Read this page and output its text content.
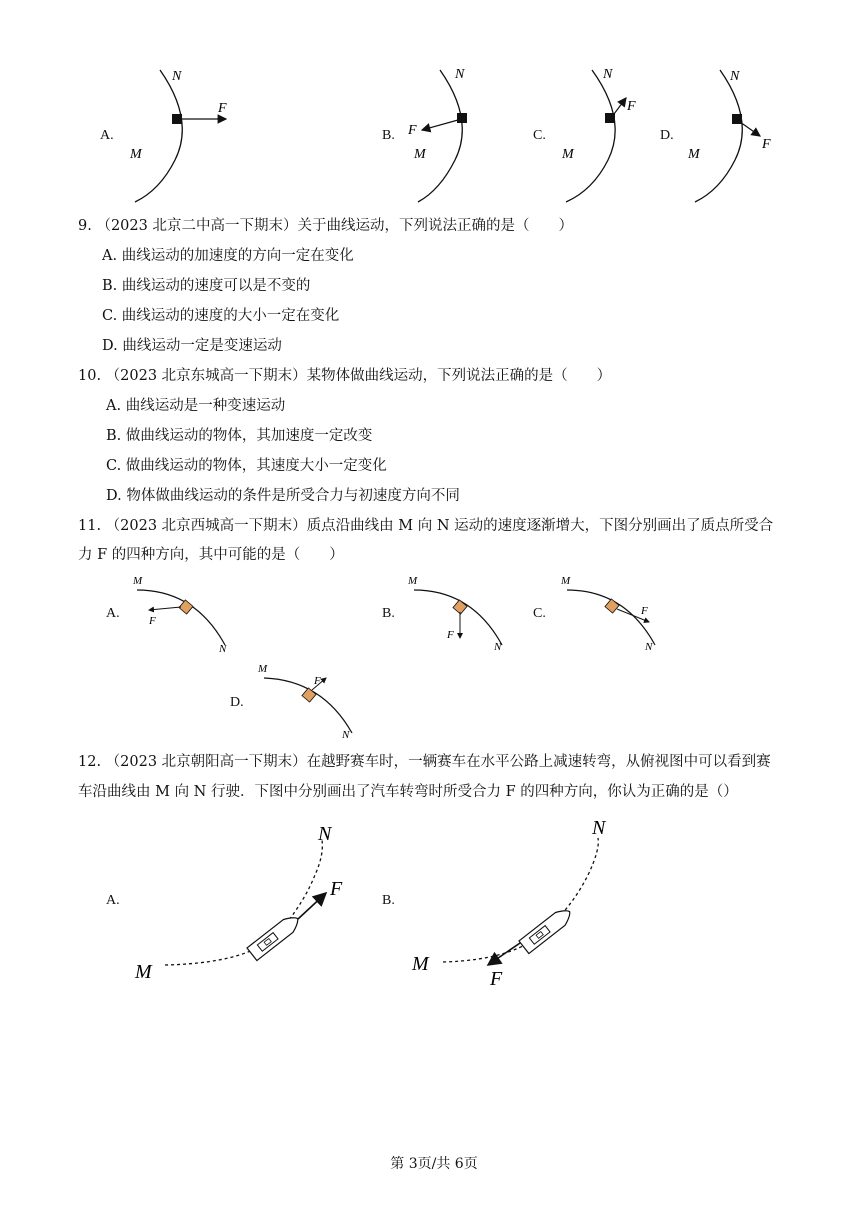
A.
N
F
M
B.
N
F
M
C.
N
F
M
D.
N
F
M
9. （2023 北京二中高一下期末）关于曲线运动，下列说法正确的是（　　）
A. 曲线运动的加速度的方向一定在变化
B. 曲线运动的速度可以是不变的
C. 曲线运动的速度的大小一定在变化
D. 曲线运动一定是变速运动
10. （2023 北京东城高一下期末）某物体做曲线运动，下列说法正确的是（　　）
A. 曲线运动是一种变速运动
B. 做曲线运动的物体，其加速度一定改变
C. 做曲线运动的物体，其速度大小一定变化
D. 物体做曲线运动的条件是所受合力与初速度方向不同
11. （2023 北京西城高一下期末）质点沿曲线由 M 向 N 运动的速度逐渐增大，下图分别画出了质点所受合
力 F 的四种方向，其中可能的是（　　）
A.
M
F
N
B.
M
F
N
C.
M
F
N
D.
M
F
N
12. （2023 北京朝阳高一下期末）在越野赛车时，一辆赛车在水平公路上减速转弯，从俯视图中可以看到赛
车沿曲线由 M 向 N 行驶．下图中分别画出了汽车转弯时所受合力 F 的四种方向，你认为正确的是（）
A.
N
F
M
B.
N
F
M
第 3页/共 6页
